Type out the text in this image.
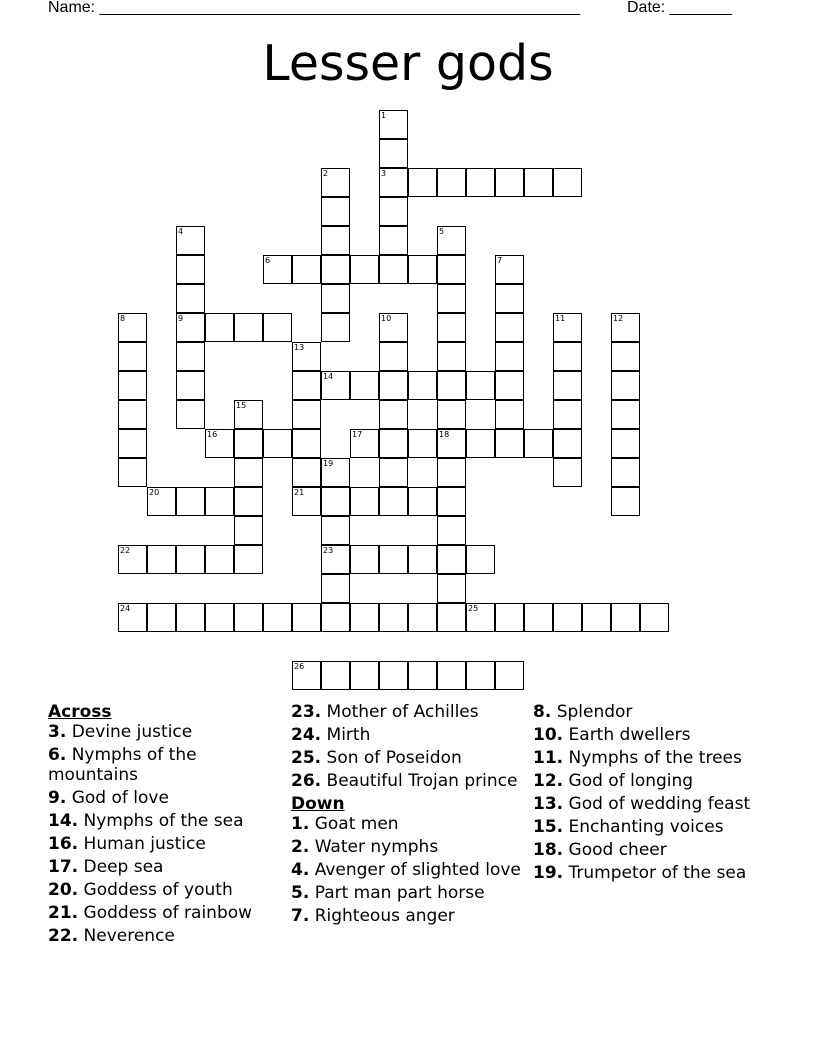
Name: ______________________________________________________	Date: _______
Lesser gods
3
6
9
14
16	17	18
20	21
22	23
24	25
26
1
2
4	5
7
8	10	11	12
13
15
19
Across
3. Devine justice
6. Nymphs of the mountains
9. God of love
14. Nymphs of the sea
16. Human justice
17. Deep sea
20. Goddess of youth
21. Goddess of rainbow
22. Neverence
23. Mother of Achilles
24. Mirth
25. Son of Poseidon
26. Beautiful Trojan prince
Down
1. Goat men
2. Water nymphs
4. Avenger of slighted love
5. Part man part horse
7. Righteous anger
8. Splendor
10. Earth dwellers
11. Nymphs of the trees
12. God of longing
13. God of wedding feast
15. Enchanting voices
18. Good cheer
19. Trumpetor of the sea
